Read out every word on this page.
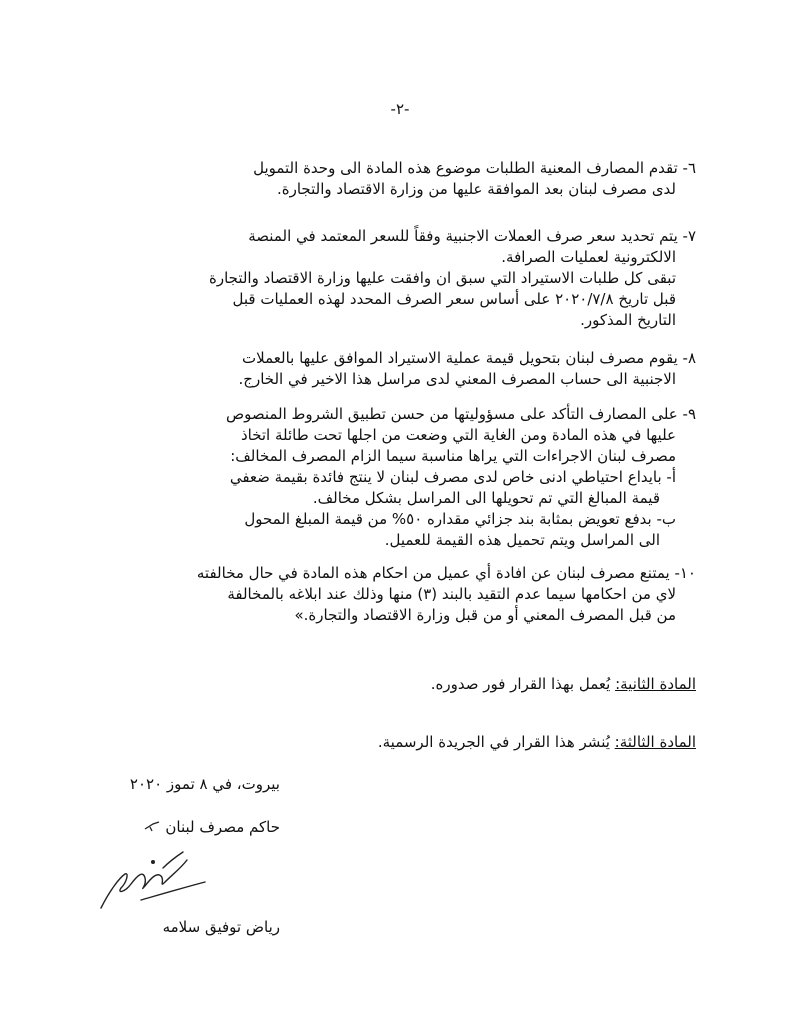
-٢-

٦- تقدم المصارف المعنية الطلبات موضوع هذه المادة الى وحدة التمويل

لدى مصرف لبنان بعد الموافقة عليها من وزارة الاقتصاد والتجارة.

٧- يتم تحديد سعر صرف العملات الاجنبية وفقاً للسعر المعتمد في المنصة

الالكترونية لعمليات الصرافة.

تبقى كل طلبات الاستيراد التي سبق ان وافقت عليها وزارة الاقتصاد والتجارة

قبل تاريخ ٢٠٢٠/٧/٨ على أساس سعر الصرف المحدد لهذه العمليات قبل

التاريخ المذكور.

٨- يقوم مصرف لبنان بتحويل قيمة عملية الاستيراد الموافق عليها بالعملات

الاجنبية الى حساب المصرف المعني لدى مراسل هذا الاخير في الخارج.

٩- على المصارف التأكد على مسؤوليتها من حسن تطبيق الشروط المنصوص

عليها في هذه المادة ومن الغاية التي وضعت من اجلها تحت طائلة اتخاذ

مصرف لبنان الاجراءات التي يراها مناسبة سيما الزام المصرف المخالف:

أ- بايداع احتياطي ادنى خاص لدى مصرف لبنان لا ينتج فائدة بقيمة ضعفي

قيمة المبالغ التي تم تحويلها الى المراسل بشكل مخالف.

ب- بدفع تعويض بمثابة بند جزائي مقداره ٥٠% من قيمة المبلغ المحول

الى المراسل ويتم تحميل هذه القيمة للعميل.

١٠- يمتنع مصرف لبنان عن افادة أي عميل من احكام هذه المادة في حال مخالفته

لاي من احكامها سيما عدم التقيد بالبند (٣) منها وذلك عند ابلاغه بالمخالفة

من قبل المصرف المعني أو من قبل وزارة الاقتصاد والتجارة.»

المادة الثانية: يُعمل بهذا القرار فور صدوره.
المادة الثالثة: يُنشر هذا القرار في الجريدة الرسمية.
بيروت، في ٨ تموز ٢٠٢٠
حاكم مصرف لبنان
رياض توفيق سلامه
